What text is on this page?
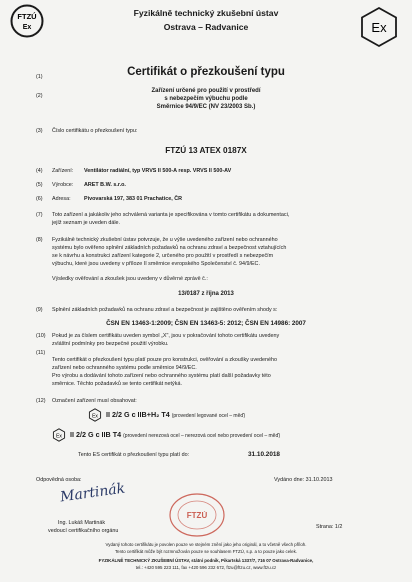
FTZÚ
Ex
Fyzikálně technický zkušební ústav
Ostrava – Radvanice	Ex
(1)
(2)
(3)
(4)
(5)
(6)
(7)
(8)
(9)
(10)
(11)
(12)
Certifikát o přezkoušení typu
Zařízení určené pro použití v prostředí
s nebezpečím výbuchu podle
Směrnice 94/9/EC (NV 23/2003 Sb.)
Číslo certifikátu o přezkoušení typu:
FTZÚ 13 ATEX 0187X
Zařízení: Ventilátor radiální, typ VRVS II 500-A resp. VRVS II 500-AV
Výrobce: ARET B.W. s.r.o.
Adresa: Pivovarská 197, 383 01 Prachatice, ČR
Toto zařízení a jakákoliv jeho schválená varianta je specifikována v tomto certifikátu a dokumentaci,
jejíž seznam je uveden dále.
Fyzikálně technický zkušební ústav potvrzuje, že u výše uvedeného zařízení nebo ochranného
systému bylo ověřeno splnění základních požadavků na ochranu zdraví a bezpečnost vztahujících
se k návrhu a konstrukci zařízení kategorie 2, určeného pro použití v prostředí s nebezpečím
výbuchu, které jsou uvedeny v příloze II směrnice evropského Společenství č. 94/9/EC.
Výsledky ověřování a zkoušek jsou uvedeny v důvěrné zprávě č.:
13/0187 z října 2013
Splnění základních požadavků na ochranu zdraví a bezpečnost je zajištěno ověřením shody s:
ČSN EN 13463-1:2009; ČSN EN 13463-5: 2012; ČSN EN 14986: 2007
Pokud je za číslem certifikátu uveden symbol „X", jsou v pokračování tohoto certifikátu uvedeny
zvláštní podmínky pro bezpečné použití výrobku.
Tento certifikát o přezkoušení typu platí pouze pro konstrukci, ověřování a zkoušky uvedeného
zařízení nebo ochranného systému podle směrnice 94/9/EC.
Pro výrobu a dodávání tohoto zařízení nebo ochranného systému platí další požadavky této
směrnice. Těchto požadavků se tento certifikát netýká.
Označení zařízení musí obsahovat:
Ex II 2/2 G c IIB+H₂ T4 (provedení legované ocel – měď)
Ex II 2/2 G c IIB T4 (provedení nerezová ocel – nerezová ocel nebo provedení ocel – měď)
Tento ES certifikát o přezkoušení typu platí do:	31.10.2018
Odpovědná osoba:	Vydáno dne: 31.10.2013
Martinák
FTZÚ
Ing. Lukáš Martinák
vedoucí certifikačního orgánu
Strana: 1/2
Vydaný tohoto certifikátu je povolen pouze ve stejném znění jako jeho originál, a to včetně všech příloh.
Tento certifikát může být rozmnožován pouze se souhlasem FTZÚ, s.p. a to pouze jako celek.
FYZIKÁLNĚ TECHNICKÝ ZKUŠEBNÍ ÚSTAV, státní podnik, Pikartská 1337/7, 716 07 Ostrava-Radvanice,
tel.: +420 595 223 111, fax +420 596 232 672, ftzu@ftzu.cz, www.ftzu.cz
